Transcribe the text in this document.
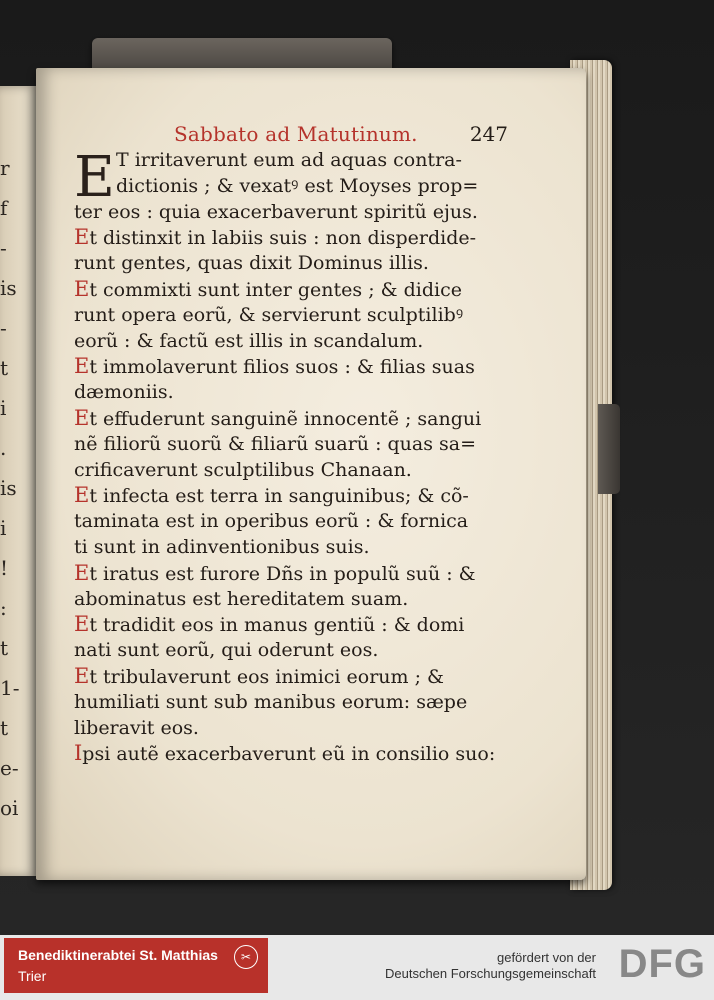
r
f
-
is
-
t
i
.
is
i
!
:
t
1-
t
e-
oi
Sabbato ad Matutinum.	247
E T irritaverunt eum ad aquas contra-
dictionis ; & vexatꝰ est Moyses prop=
ter eos : quia exacerbaverunt spiritũ ejus.
Et distinxit in labiis suis : non disperdide-
runt gentes, quas dixit Dominus illis.
Et commixti sunt inter gentes ; & didice
runt opera eorũ, & servierunt sculptilibꝰ
eorũ : & factũ est illis in scandalum.
Et immolaverunt filios suos : & filias suas
dæmoniis.
Et effuderunt sanguinẽ innocentẽ ; sangui
nẽ filiorũ suorũ & filiarũ suarũ : quas sa=
crificaverunt sculptilibus Chanaan.
Et infecta est terra in sanguinibus; & cõ-
taminata est in operibus eorũ : & fornica
ti sunt in adinventionibus suis.
Et iratus est furore Dñs in populũ suũ : &
abominatus est hereditatem suam.
Et tradidit eos in manus gentiũ : & domi
nati sunt eorũ, qui oderunt eos.
Et tribulaverunt eos inimici eorum ; &
humiliati sunt sub manibus eorum: sæpe
liberavit eos.
Ipsi autẽ exacerbaverunt eũ in consilio suo:
Benediktinerabtei St. Matthias
Trier
✂	gefördert von der
Deutschen Forschungsgemeinschaft DFG
